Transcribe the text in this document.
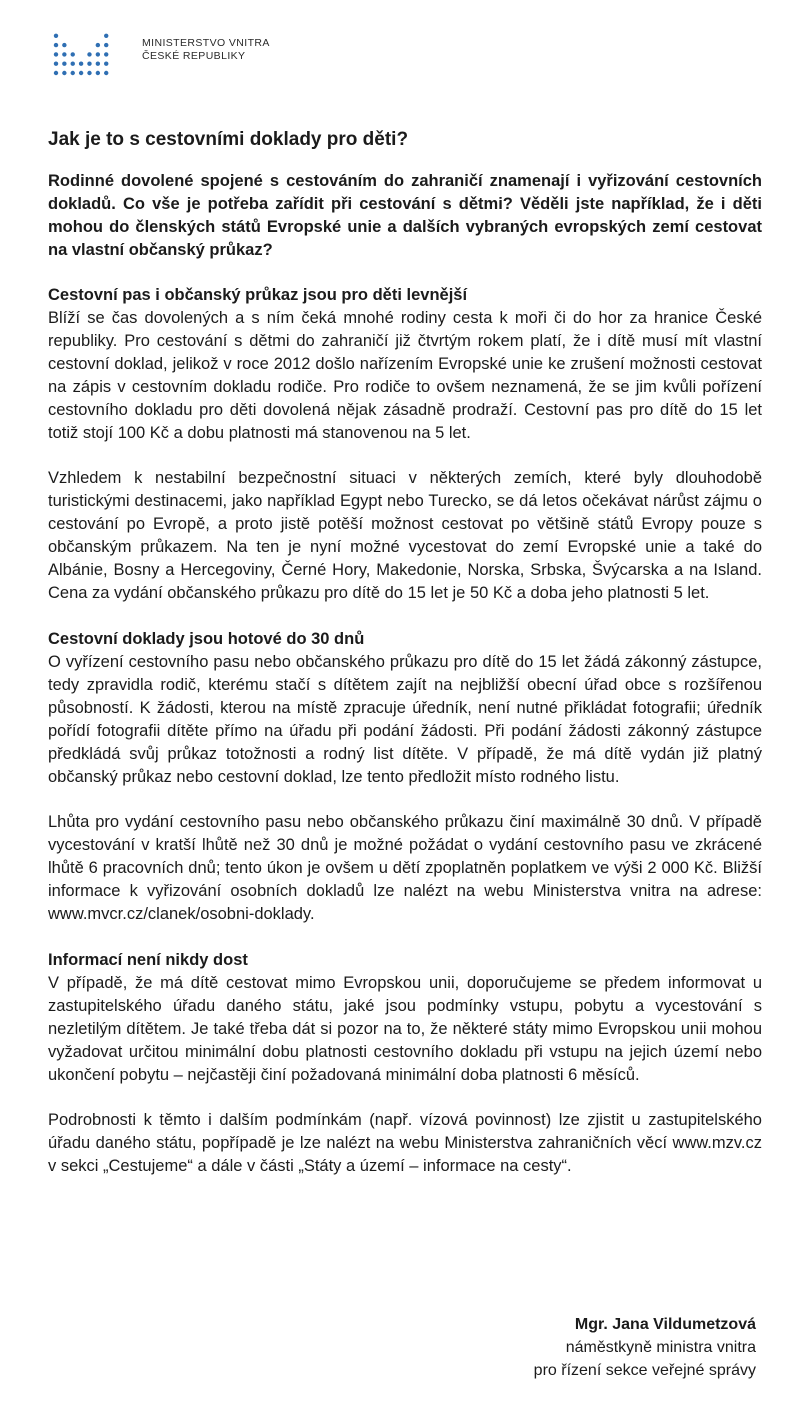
MINISTERSTVO VNITRA
ČESKÉ REPUBLIKY
Jak je to s cestovními doklady pro děti?

Rodinné dovolené spojené s cestováním do zahraničí znamenají i vyřizování cestovních dokladů. Co vše je potřeba zařídit při cestování s dětmi? Věděli jste například, že i děti mohou do členských států Evropské unie a dalších vybraných evropských zemí cestovat na vlastní občanský průkaz?

Cestovní pas i občanský průkaz jsou pro děti levnější

Blíží se čas dovolených a s ním čeká mnohé rodiny cesta k moři či do hor za hranice České republiky. Pro cestování s dětmi do zahraničí již čtvrtým rokem platí, že i dítě musí mít vlastní cestovní doklad, jelikož v roce 2012 došlo nařízením Evropské unie ke zrušení možnosti cestovat na zápis v cestovním dokladu rodiče. Pro rodiče to ovšem neznamená, že se jim kvůli pořízení cestovního dokladu pro děti dovolená nějak zásadně prodraží. Cestovní pas pro dítě do 15 let totiž stojí 100 Kč a dobu platnosti má stanovenou na 5 let.

Vzhledem k nestabilní bezpečnostní situaci v některých zemích, které byly dlouhodobě turistickými destinacemi, jako například Egypt nebo Turecko, se dá letos očekávat nárůst zájmu o cestování po Evropě, a proto jistě potěší možnost cestovat po většině států Evropy pouze s občanským průkazem. Na ten je nyní možné vycestovat do zemí Evropské unie a také do Albánie, Bosny a Hercegoviny, Černé Hory, Makedonie, Norska, Srbska, Švýcarska a na Island. Cena za vydání občanského průkazu pro dítě do 15 let je 50 Kč a doba jeho platnosti 5 let.

Cestovní doklady jsou hotové do 30 dnů

O vyřízení cestovního pasu nebo občanského průkazu pro dítě do 15 let žádá zákonný zástupce, tedy zpravidla rodič, kterému stačí s dítětem zajít na nejbližší obecní úřad obce s rozšířenou působností. K žádosti, kterou na místě zpracuje úředník, není nutné přikládat fotografii; úředník pořídí fotografii dítěte přímo na úřadu při podání žádosti. Při podání žádosti zákonný zástupce předkládá svůj průkaz totožnosti a rodný list dítěte. V případě, že má dítě vydán již platný občanský průkaz nebo cestovní doklad, lze tento předložit místo rodného listu.

Lhůta pro vydání cestovního pasu nebo občanského průkazu činí maximálně 30 dnů. V případě vycestování v kratší lhůtě než 30 dnů je možné požádat o vydání cestovního pasu ve zkrácené lhůtě 6 pracovních dnů; tento úkon je ovšem u dětí zpoplatněn poplatkem ve výši 2 000 Kč. Bližší informace k vyřizování osobních dokladů lze nalézt na webu Ministerstva vnitra na adrese: www.mvcr.cz/clanek/osobni-doklady.

Informací není nikdy dost

V případě, že má dítě cestovat mimo Evropskou unii, doporučujeme se předem informovat u zastupitelského úřadu daného státu, jaké jsou podmínky vstupu, pobytu a vycestování s nezletilým dítětem. Je také třeba dát si pozor na to, že některé státy mimo Evropskou unii mohou vyžadovat určitou minimální dobu platnosti cestovního dokladu při vstupu na jejich území nebo ukončení pobytu – nejčastěji činí požadovaná minimální doba platnosti 6 měsíců.

Podrobnosti k těmto i dalším podmínkám (např. vízová povinnost) lze zjistit u zastupitelského úřadu daného státu, popřípadě je lze nalézt na webu Ministerstva zahraničních věcí www.mzv.cz v sekci „Cestujeme“ a dále v části „Státy a území – informace na cesty“.

Mgr. Jana Vildumetzová
náměstkyně ministra vnitra
pro řízení sekce veřejné správy
